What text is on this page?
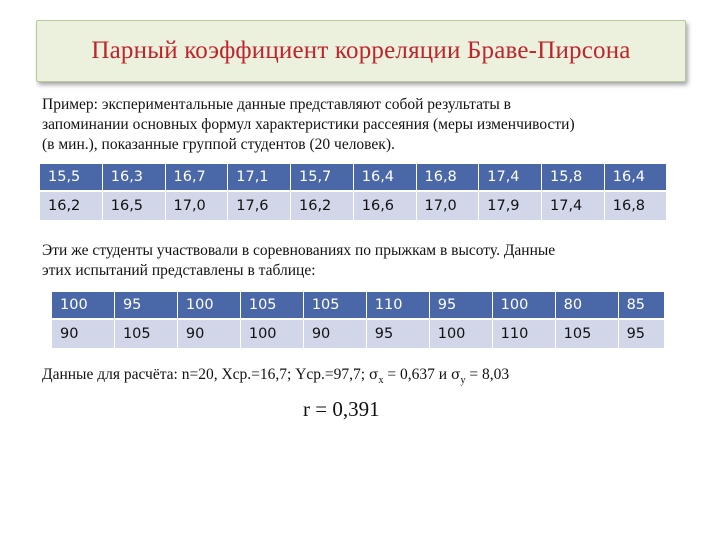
Парный коэффициент корреляции Браве-Пирсона

Пример: экспериментальные данные представляют собой результаты в
запоминании основных формул характеристики рассеяния (меры изменчивости)
(в мин.), показанные группой студентов (20 человек).

15,5	16,3	16,7	17,1	15,7	16,4	16,8	17,4	15,8	16,4
16,2	16,5	17,0	17,6	16,2	16,6	17,0	17,9	17,4	16,8

Эти же студенты участвовали в соревнованиях по прыжкам в высоту. Данные
этих испытаний представлены в таблице:

100	95	100	105	105	110	95	100	80	85
90	105	90	100	90	95	100	110	105	95
Данные для расчёта: n=20, Xср.=16,7; Yср.=97,7; $\sigma_x = 0,637$ и $\sigma_y = 8,03$
r = 0,391
